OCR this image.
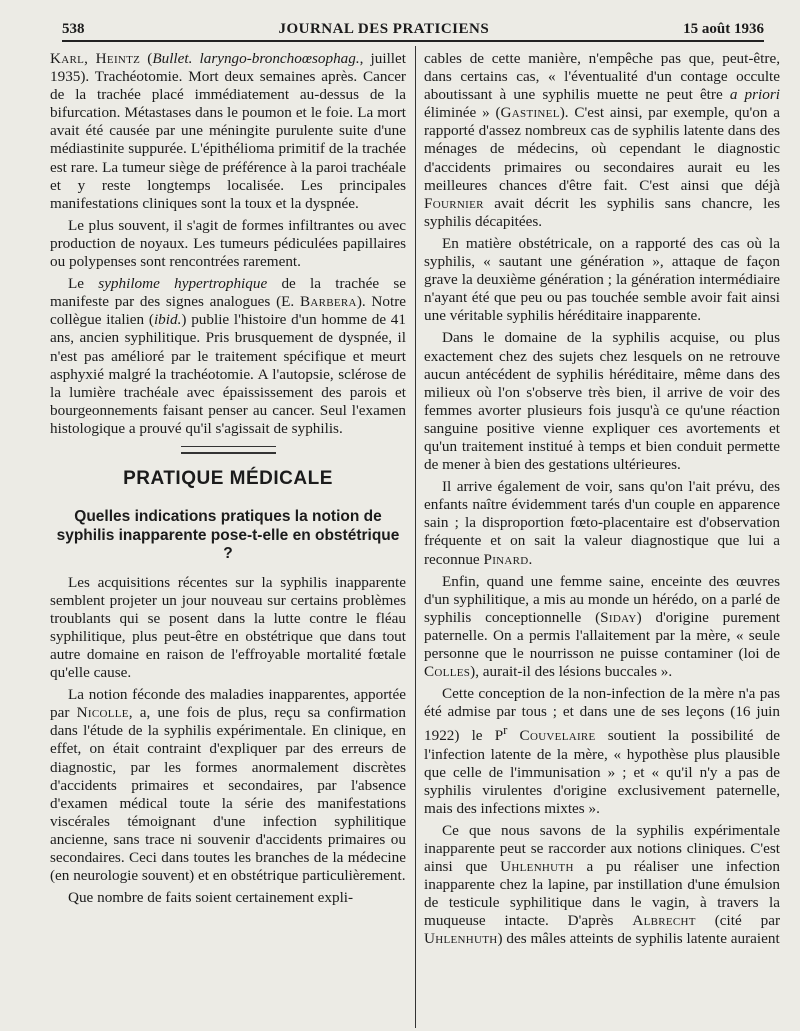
538	JOURNAL DES PRATICIENS	15 août 1936

Karl, Heintz (Bullet. laryngo-bronchoœsophag., juillet 1935). Trachéotomie. Mort deux semaines après. Cancer de la trachée placé immédiatement au-dessus de la bifurcation. Métastases dans le poumon et le foie. La mort avait été causée par une méningite purulente suite d'une médiastinite suppurée. L'épithélioma primitif de la trachée est rare. La tumeur siège de préférence à la paroi trachéale et y reste longtemps localisée. Les principales manifestations cliniques sont la toux et la dyspnée.

Le plus souvent, il s'agit de formes infiltrantes ou avec production de noyaux. Les tumeurs pédiculées papillaires ou polypenses sont rencontrées rarement.

Le syphilome hypertrophique de la trachée se manifeste par des signes analogues (E. Barbera). Notre collègue italien (ibid.) publie l'histoire d'un homme de 41 ans, ancien syphilitique. Pris brusquement de dyspnée, il n'est pas amélioré par le traitement spécifique et meurt asphyxié malgré la trachéotomie. A l'autopsie, sclérose de la lumière trachéale avec épaississement des parois et bourgeonnements faisant penser au cancer. Seul l'examen histologique a prouvé qu'il s'agissait de syphilis.

PRATIQUE MÉDICALE
Quelles indications pratiques la notion de syphilis inapparente pose-t-elle en obstétrique ?

Les acquisitions récentes sur la syphilis inapparente semblent projeter un jour nouveau sur certains problèmes troublants qui se posent dans la lutte contre le fléau syphilitique, plus peut-être en obstétrique que dans tout autre domaine en raison de l'effroyable mortalité fœtale qu'elle cause.

La notion féconde des maladies inapparentes, apportée par Nicolle, a, une fois de plus, reçu sa confirmation dans l'étude de la syphilis expérimentale. En clinique, en effet, on était contraint d'expliquer par des erreurs de diagnostic, par les formes anormalement discrètes d'accidents primaires et secondaires, par l'absence d'examen médical toute la série des manifestations viscérales témoignant d'une infection syphilitique ancienne, sans trace ni souvenir d'accidents primaires ou secondaires. Ceci dans toutes les branches de la médecine (en neurologie souvent) et en obstétrique particulièrement.

Que nombre de faits soient certainement expli-

cables de cette manière, n'empêche pas que, peut-être, dans certains cas, « l'éventualité d'un contage occulte aboutissant à une syphilis muette ne peut être a priori éliminée » (Gastinel). C'est ainsi, par exemple, qu'on a rapporté d'assez nombreux cas de syphilis latente dans des ménages de médecins, où cependant le diagnostic d'accidents primaires ou secondaires aurait eu les meilleures chances d'être fait. C'est ainsi que déjà Fournier avait décrit les syphilis sans chancre, les syphilis décapitées.

En matière obstétricale, on a rapporté des cas où la syphilis, « sautant une génération », attaque de façon grave la deuxième génération ; la génération intermédiaire n'ayant été que peu ou pas touchée semble avoir fait ainsi une véritable syphilis héréditaire inapparente.

Dans le domaine de la syphilis acquise, ou plus exactement chez des sujets chez lesquels on ne retrouve aucun antécédent de syphilis héréditaire, même dans des milieux où l'on s'observe très bien, il arrive de voir des femmes avorter plusieurs fois jusqu'à ce qu'une réaction sanguine positive vienne expliquer ces avortements et qu'un traitement institué à temps et bien conduit permette de mener à bien des gestations ultérieures.

Il arrive également de voir, sans qu'on l'ait prévu, des enfants naître évidemment tarés d'un couple en apparence sain ; la disproportion fœto-placentaire est d'observation fréquente et on sait la valeur diagnostique que lui a reconnue Pinard.

Enfin, quand une femme saine, enceinte des œuvres d'un syphilitique, a mis au monde un hérédo, on a parlé de syphilis conceptionnelle (Siday) d'origine purement paternelle. On a permis l'allaitement par la mère, « seule personne que le nourrisson ne puisse contaminer (loi de Colles), aurait-il des lésions buccales ».

Cette conception de la non-infection de la mère n'a pas été admise par tous ; et dans une de ses leçons (16 juin 1922) le $P^r$ Couvelaire soutient la possibilité de l'infection latente de la mère, « hypothèse plus plausible que celle de l'immunisation » ; et « qu'il n'y a pas de syphilis virulentes d'origine exclusivement paternelle, mais des infections mixtes ».

Ce que nous savons de la syphilis expérimentale inapparente peut se raccorder aux notions cliniques. C'est ainsi que Uhlenhuth a pu réaliser une infection inapparente chez la lapine, par instillation d'une émulsion de testicule syphilitique dans le vagin, à travers la muqueuse intacte. D'après Albrecht (cité par Uhlenhuth) des mâles atteints de syphilis latente auraient
